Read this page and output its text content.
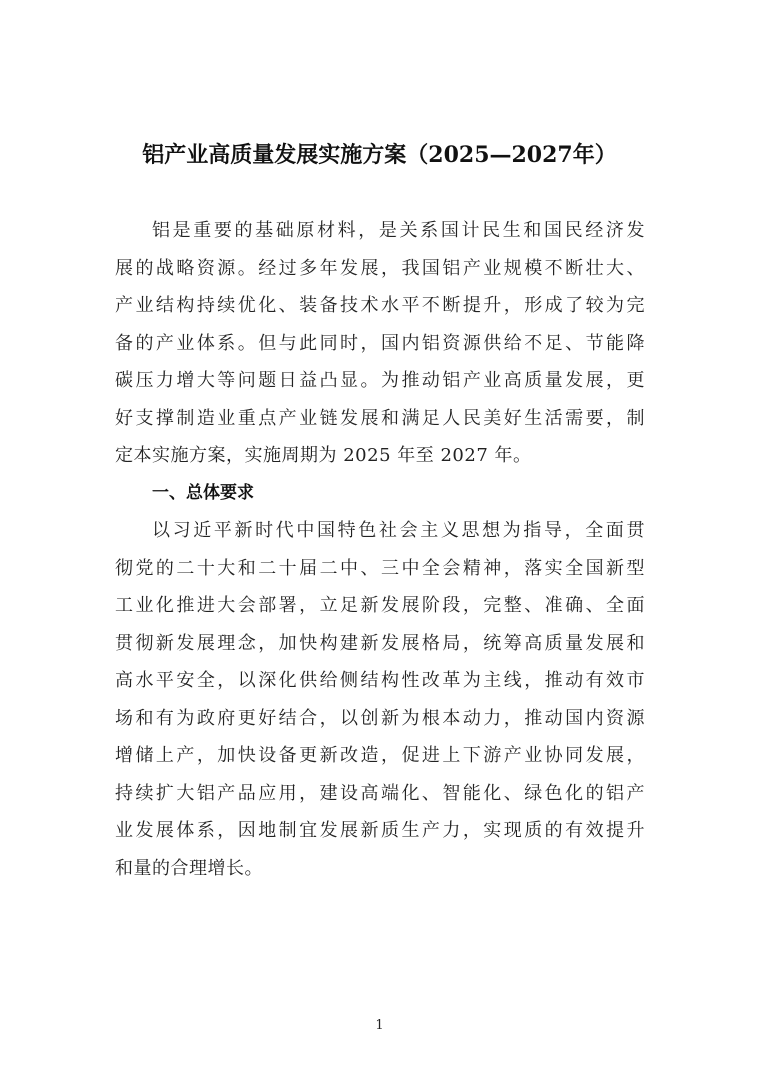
铝产业高质量发展实施方案（2025—2027年）
铝是重要的基础原材料，是关系国计民生和国民经济发
展的战略资源。经过多年发展，我国铝产业规模不断壮大、
产业结构持续优化、装备技术水平不断提升，形成了较为完
备的产业体系。但与此同时，国内铝资源供给不足、节能降
碳压力增大等问题日益凸显。为推动铝产业高质量发展，更
好支撑制造业重点产业链发展和满足人民美好生活需要，制
定本实施方案，实施周期为 2025 年至 2027 年。
一、总体要求
以习近平新时代中国特色社会主义思想为指导，全面贯
彻党的二十大和二十届二中、三中全会精神，落实全国新型
工业化推进大会部署，立足新发展阶段，完整、准确、全面
贯彻新发展理念，加快构建新发展格局，统筹高质量发展和
高水平安全，以深化供给侧结构性改革为主线，推动有效市
场和有为政府更好结合，以创新为根本动力，推动国内资源
增储上产，加快设备更新改造，促进上下游产业协同发展，
持续扩大铝产品应用，建设高端化、智能化、绿色化的铝产
业发展体系，因地制宜发展新质生产力，实现质的有效提升
和量的合理增长。
1
